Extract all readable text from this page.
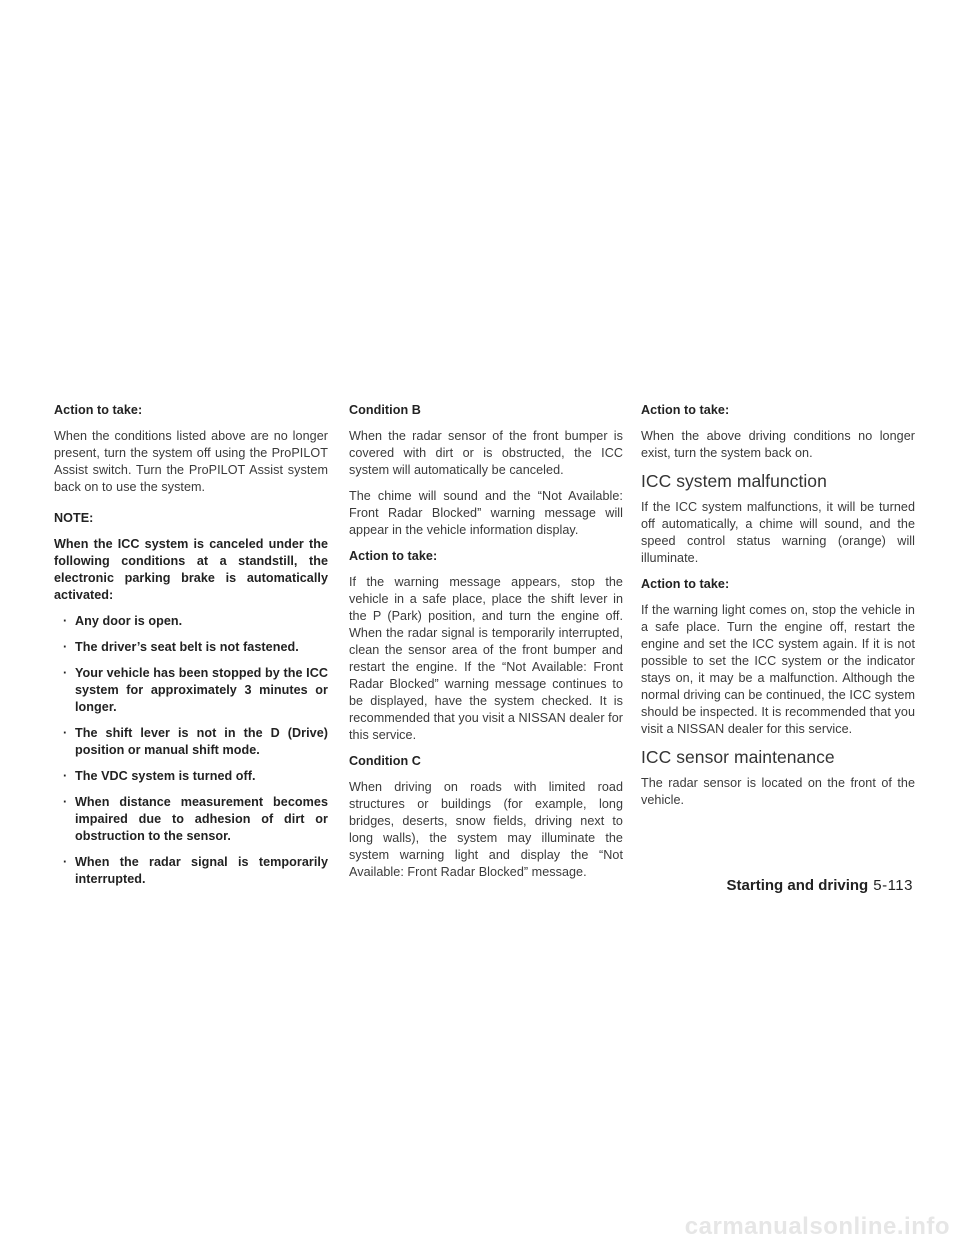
Action to take:

When the conditions listed above are no longer present, turn the system off using the ProPILOT Assist switch. Turn the ProPILOT Assist system back on to use the system.

NOTE:

When the ICC system is canceled under the following conditions at a standstill, the electronic parking brake is automatically activated:

· Any door is open.
· The driver’s seat belt is not fastened.
· Your vehicle has been stopped by the ICC system for approximately 3 minutes or longer.
· The shift lever is not in the D (Drive) position or manual shift mode.
· The VDC system is turned off.
· When distance measurement becomes impaired due to adhesion of dirt or obstruction to the sensor.
· When the radar signal is temporarily interrupted.

Condition B

When the radar sensor of the front bumper is covered with dirt or is obstructed, the ICC system will automatically be canceled.

The chime will sound and the “Not Available: Front Radar Blocked” warning message will appear in the vehicle information display.

Action to take:

If the warning message appears, stop the vehicle in a safe place, place the shift lever in the P (Park) position, and turn the engine off. When the radar signal is temporarily interrupted, clean the sensor area of the front bumper and restart the engine. If the “Not Available: Front Radar Blocked” warning message continues to be displayed, have the system checked. It is recommended that you visit a NISSAN dealer for this service.

Condition C

When driving on roads with limited road structures or buildings (for example, long bridges, deserts, snow fields, driving next to long walls), the system may illuminate the system warning light and display the “Not Available: Front Radar Blocked” message.

Action to take:

When the above driving conditions no longer exist, turn the system back on.

ICC system malfunction

If the ICC system malfunctions, it will be turned off automatically, a chime will sound, and the speed control status warning (orange) will illuminate.

Action to take:

If the warning light comes on, stop the vehicle in a safe place. Turn the engine off, restart the engine and set the ICC system again. If it is not possible to set the ICC system or the indicator stays on, it may be a malfunction. Although the normal driving can be continued, the ICC system should be inspected. It is recommended that you visit a NISSAN dealer for this service.

ICC sensor maintenance

The radar sensor is located on the front of the vehicle.

Starting and driving 5-113
carmanualsonline.info
